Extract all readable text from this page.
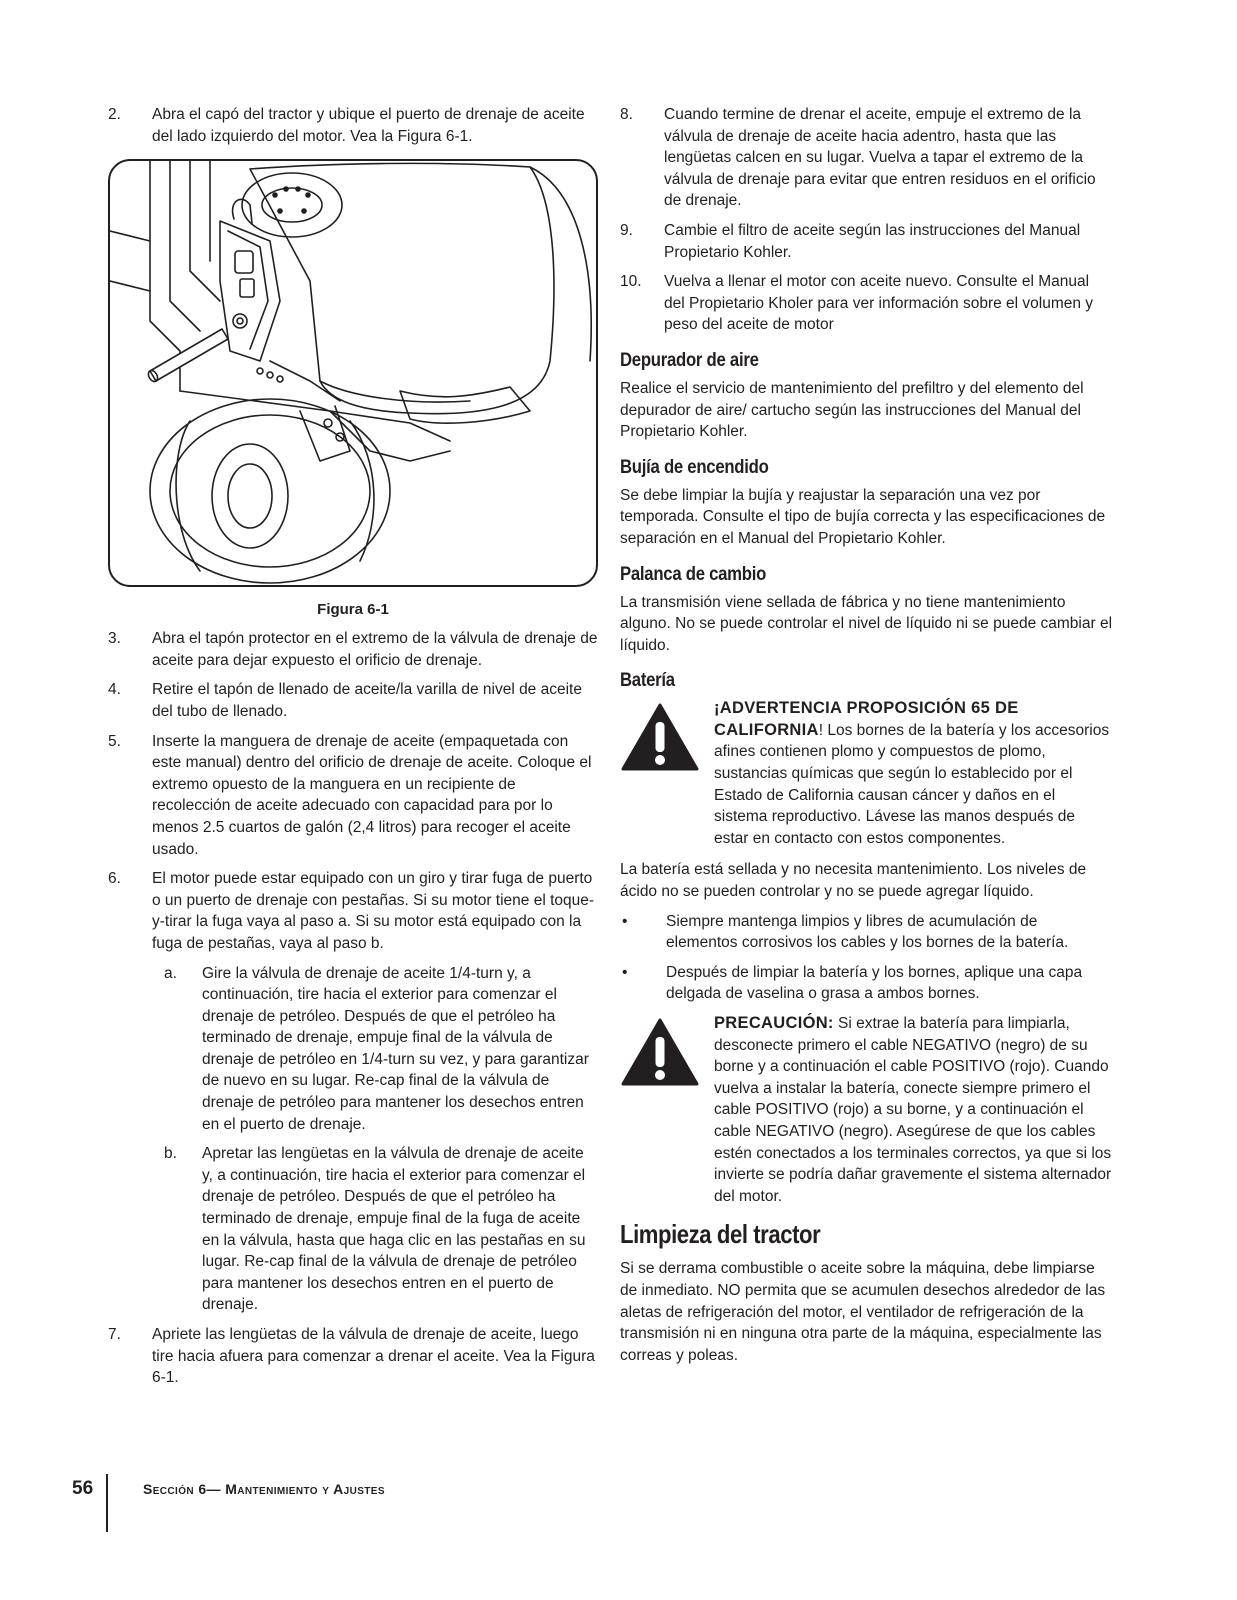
2.	Abra el capó del tractor y ubique el puerto de drenaje de aceite del lado izquierdo del motor. Vea la Figura 6-1.
Figura 6-1
3.	Abra el tapón protector en el extremo de la válvula de drenaje de aceite para dejar expuesto el orificio de drenaje.
4.	Retire el tapón de llenado de aceite/la varilla de nivel de aceite del tubo de llenado.
5.	Inserte la manguera de drenaje de aceite (empaquetada con este manual) dentro del orificio de drenaje de aceite. Coloque el extremo opuesto de la manguera en un recipiente de recolección de aceite adecuado con capacidad para por lo menos 2.5 cuartos de galón (2,4 litros) para recoger el aceite usado.
6.	El motor puede estar equipado con un giro y tirar fuga de puerto o un puerto de drenaje con pestañas. Si su motor tiene el toque-y-tirar la fuga vaya al paso a. Si su motor está equipado con la fuga de pestañas, vaya al paso b.
a.	Gire la válvula de drenaje de aceite 1/4-turn y, a continuación, tire hacia el exterior para comenzar el drenaje de petróleo. Después de que el petróleo ha terminado de drenaje, empuje final de la válvula de drenaje de petróleo en 1/4-turn su vez, y para garantizar de nuevo en su lugar. Re-cap final de la válvula de drenaje de petróleo para mantener los desechos entren en el puerto de drenaje.
b.	Apretar las lengüetas en la válvula de drenaje de aceite y, a continuación, tire hacia el exterior para comenzar el drenaje de petróleo. Después de que el petróleo ha terminado de drenaje, empuje final de la fuga de aceite en la válvula, hasta que haga clic en las pestañas en su lugar. Re-cap final de la válvula de drenaje de petróleo para mantener los desechos entren en el puerto de drenaje.
7.	Apriete las lengüetas de la válvula de drenaje de aceite, luego tire hacia afuera para comenzar a drenar el aceite. Vea la Figura 6-1.
8.	Cuando termine de drenar el aceite, empuje el extremo de la válvula de drenaje de aceite hacia adentro, hasta que las lengüetas calcen en su lugar. Vuelva a tapar el extremo de la válvula de drenaje para evitar que entren residuos en el orificio de drenaje.
9.	Cambie el filtro de aceite según las instrucciones del Manual Propietario Kohler.
10.	Vuelva a llenar el motor con aceite nuevo. Consulte el Manual del Propietario Kholer para ver información sobre el volumen y peso del aceite de motor
Depurador de aire

Realice el servicio de mantenimiento del prefiltro y del elemento del depurador de aire/ cartucho según las instrucciones del Manual del Propietario Kohler.

Bujía de encendido

Se debe limpiar la bujía y reajustar la separación una vez por temporada. Consulte el tipo de bujía correcta y las especificaciones de separación en el Manual del Propietario Kohler.

Palanca de cambio

La transmisión viene sellada de fábrica y no tiene mantenimiento alguno. No se puede controlar el nivel de líquido ni se puede cambiar el líquido.

Batería
¡ADVERTENCIA PROPOSICIÓN 65 DE CALIFORNIA! Los bornes de la batería y los accesorios afines contienen plomo y compuestos de plomo, sustancias químicas que según lo establecido por el Estado de California causan cáncer y daños en el sistema reproductivo. Lávese las manos después de estar en contacto con estos componentes.

La batería está sellada y no necesita mantenimiento. Los niveles de ácido no se pueden controlar y no se puede agregar líquido.

•	Siempre mantenga limpios y libres de acumulación de elementos corrosivos los cables y los bornes de la batería.
•	Después de limpiar la batería y los bornes, aplique una capa delgada de vaselina o grasa a ambos bornes.
PRECAUCIÓN: Si extrae la batería para limpiarla, desconecte primero el cable NEGATIVO (negro) de su borne y a continuación el cable POSITIVO (rojo). Cuando vuelva a instalar la batería, conecte siempre primero el cable POSITIVO (rojo) a su borne, y a continuación el cable NEGATIVO (negro). Asegúrese de que los cables estén conectados a los terminales correctos, ya que si los invierte se podría dañar gravemente el sistema alternador del motor.
Limpieza del tractor

Si se derrama combustible o aceite sobre la máquina, debe limpiarse de inmediato. NO permita que se acumulen desechos alrededor de las aletas de refrigeración del motor, el ventilador de refrigeración de la transmisión ni en ninguna otra parte de la máquina, especialmente las correas y poleas.

56	Sección 6— Mantenimiento y Ajustes
